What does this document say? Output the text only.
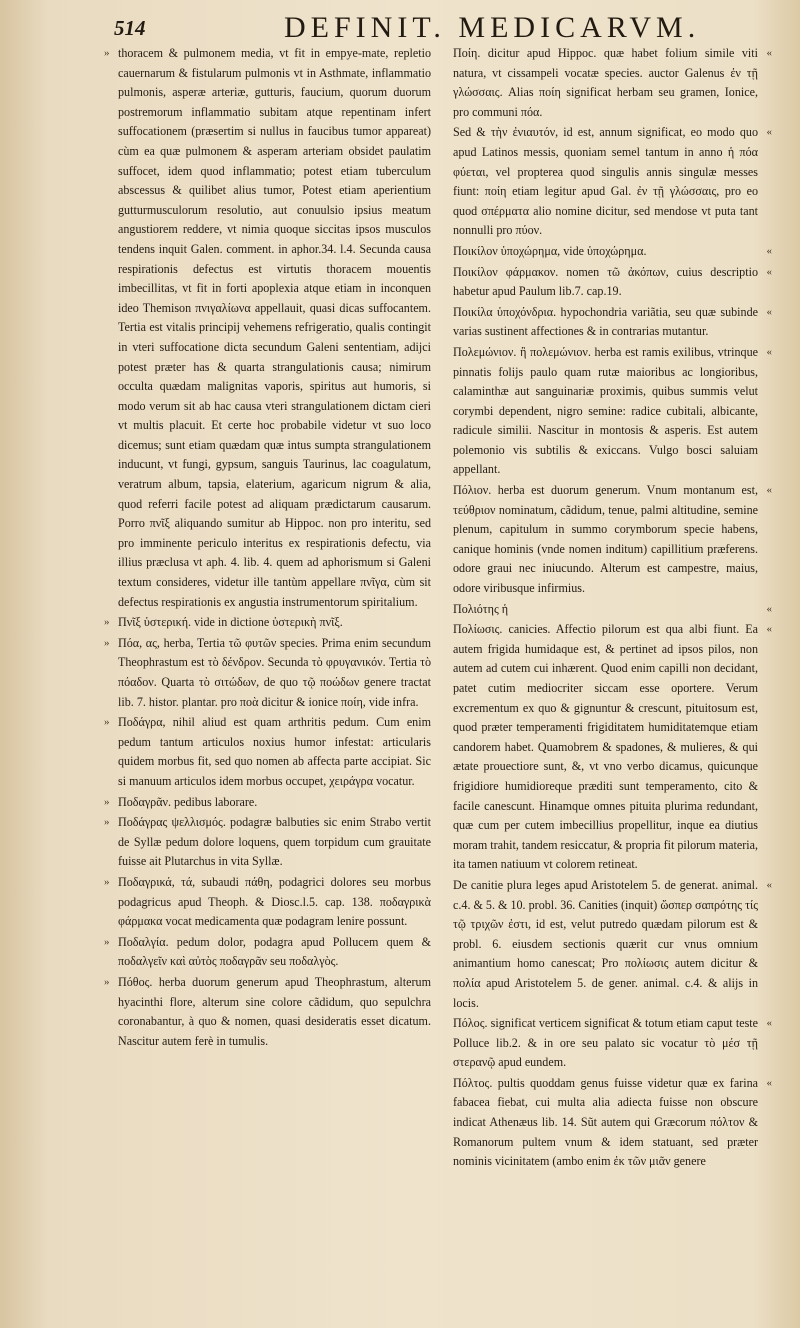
514	DEFINIT. MEDICARVM.

» thoracem & pulmonem media, vt fit in empye-mate, repletio cauernarum & fistularum pulmonis vt in Asthmate, inflammatio pulmonis, asperæ arteriæ, gutturis, faucium, quorum duorum postremorum inflammatio subitam atque repentinam infert suffocationem (præsertim si nullus in faucibus tumor appareat) cùm ea quæ pulmonem & asperam arteriam obsidet paulatim suffocet, idem quod inflammatio; potest etiam tuberculum abscessus & quilibet alius tumor, Potest etiam aperientium gutturmusculorum resolutio, aut conuulsio ipsius meatum angustiorem reddere, vt nimia quoque siccitas ipsos musculos tendens inquit Galen. comment. in aphor.34. l.4. Secunda causa respirationis defectus est virtutis thoracem mouentis imbecillitas, vt fit in forti apoplexia atque etiam in inconquen ideo Themison πνιγαλίωνα appellauit, quasi dicas suffocantem. Tertia est vitalis principij vehemens refrigeratio, qualis contingit in vteri suffocatione dicta secundum Galeni sententiam, adijci potest præter has & quarta strangulationis causa; nimirum occulta quædam malignitas vaporis, spiritus aut humoris, si modo verum sit ab hac causa vteri strangulationem dictam cieri vt multis placuit. Et certe hoc probabile videtur vt suo loco dicemus; sunt etiam quædam quæ intus sumpta strangulationem inducunt, vt fungi, gypsum, sanguis Taurinus, lac coagulatum, veratrum album, tapsia, elaterium, agaricum nigrum & alia, quod referri facile potest ad aliquam prædictarum causarum. Porro πνῖξ aliquando sumitur ab Hippoc. non pro interitu, sed pro imminente periculo interitus ex respirationis defectu, via illius præclusa vt aph. 4. lib. 4. quem ad aphorismum si Galeni textum consideres, videtur ille tantùm appellare πνῖγα, cùm sit defectus respirationis ex angustia instrumentorum spiritalium.

» Πνῖξ ὑστερική. vide in dictione ὑστερικὴ πνῖξ.

» Πόα, ας, herba, Tertia τῶ φυτῶν species. Prima enim secundum Theophrastum est τὸ δένδρον. Secunda τὸ φρυγανικόν. Tertia τὸ πόαδον. Quarta τὸ σιτώδων, de quo τῷ ποώδων genere tractat lib. 7. histor. plantar. pro ποὰ dicitur & ionice ποίη, vide infra.

» Ποδάγρα, nihil aliud est quam arthritis pedum. Cum enim pedum tantum articulos noxius humor infestat: articularis quidem morbus fit, sed quo nomen ab affecta parte accipiat. Sic si manuum articulos idem morbus occupet, χειράγρα vocatur.

» Ποδαγρᾶν. pedibus laborare.

» Ποδάγρας ψελλισμός. podagræ balbuties sic enim Strabo vertit de Syllæ pedum dolore loquens, quem torpidum cum grauitate fuisse ait Plutarchus in vita Syllæ.

» Ποδαγρικά, τά, subaudi πάθη, podagrici dolores seu morbus podagricus apud Theoph. & Diosc.l.5. cap. 138. ποδαγρικὰ φάρμακα vocat medicamenta quæ podagram lenire possunt.

» Ποδαλγία. pedum dolor, podagra apud Pollucem quem & ποδαλγεῖν καὶ αὐτὸς ποδαγρᾶν seu ποδαλγὸς.

» Πόθος. herba duorum generum apud Theophrastum, alterum hyacinthi flore, alterum sine colore cãdidum, quo sepulchra coronabantur, à quo & nomen, quasi desideratis esset dicatum. Nascitur autem ferè in tumulis.

Ποίη. dicitur apud Hippoc. quæ habet folium simile viti natura, vt cissampeli vocatæ species. auctor Galenus ἐν τῇ γλώσσαις. Alias ποίη significat herbam seu gramen, Ionice, pro communi πόα. «

Sed & τὴν ἐνιαυτόν, id est, annum significat, eo modo quo apud Latinos messis, quoniam semel tantum in anno ἡ πόα φύεται, vel propterea quod singulis annis singulæ messes fiunt: ποίη etiam legitur apud Gal. ἐν τῇ γλώσσαις, pro eo quod σπέρματα alio nomine dicitur, sed mendose vt puta tant nonnulli pro πύον. «

Ποικίλον ὑποχώρημα, vide ὑποχώρημα. «

Ποικίλον φάρμακον. nomen τῶ ἀκόπων, cuius descriptio habetur apud Paulum lib.7. cap.19. «

Ποικίλα ὑποχόνδρια. hypochondria variãtia, seu quæ subinde varias sustinent affectiones & in contrarias mutantur. «

Πολεμώνιον. ἢ πολεμώνιον. herba est ramis exilibus, vtrinque pinnatis folijs paulo quam rutæ maioribus ac longioribus, calaminthæ aut sanguinariæ proximis, quibus summis velut corymbi dependent, nigro semine: radice cubitali, albicante, radicule similii. Nascitur in montosis & asperis. Est autem polemonio vis subtilis & exiccans. Vulgo bosci saluiam appellant. «

Πόλιον. herba est duorum generum. Vnum montanum est, τεύθριον nominatum, cãdidum, tenue, palmi altitudine, semine plenum, capitulum in summo corymborum specie habens, canique hominis (vnde nomen inditum) capillitium præferens. odore graui nec iniucundo. Alterum est campestre, maius, odore viribusque infirmius. «

Πολιότης ἡ «

Πολίωσις. canicies. Affectio pilorum est qua albi fiunt. Ea autem frigida humidaque est, & pertinet ad ipsos pilos, non autem ad cutem cui inhærent. Quod enim capilli non decidant, patet cutim mediocriter siccam esse oportere. Verum excrementum ex quo & gignuntur & crescunt, pituitosum est, quod præter temperamenti frigiditatem humiditatemque etiam candorem habet. Quamobrem & spadones, & mulieres, & qui ætate prouectiore sunt, &, vt vno verbo dicamus, quicunque frigidiore humidioreque præditi sunt temperamento, cito & facile canescunt. Hinamque omnes pituita plurima redundant, quæ cum per cutem imbecillius propellitur, inque ea diutius moram trahit, tandem resiccatur, & propria fit pilorum materia, ita tamen natiuum vt colorem retineat. «

De canitie plura leges apud Aristotelem 5. de generat. animal. c.4. & 5. & 10. probl. 36. Canities (inquit) ὥσπερ σαπρότης τίς τῷ τριχῶν ἐστι, id est, velut putredo quædam pilorum est & probl. 6. eiusdem sectionis quærit cur vnus omnium animantium homo canescat; Pro πολίωσις autem dicitur & πολία apud Aristotelem 5. de gener. animal. c.4. & alijs in locis. «

Πόλος. significat verticem significat & totum etiam caput teste Polluce lib.2. & in ore seu palato sic vocatur τὸ μέσ τῇ στερανῷ apud eundem. «

Πόλτος. pultis quoddam genus fuisse videtur quæ ex farina fabacea fiebat, cui multa alia adiecta fuisse non obscure indicat Athenæus lib. 14. Sũt autem qui Græcorum πόλτον & Romanorum pultem vnum & idem statuant, sed præter nominis vicinitatem (ambo enim ἐκ τῶν μιᾶν genere «
